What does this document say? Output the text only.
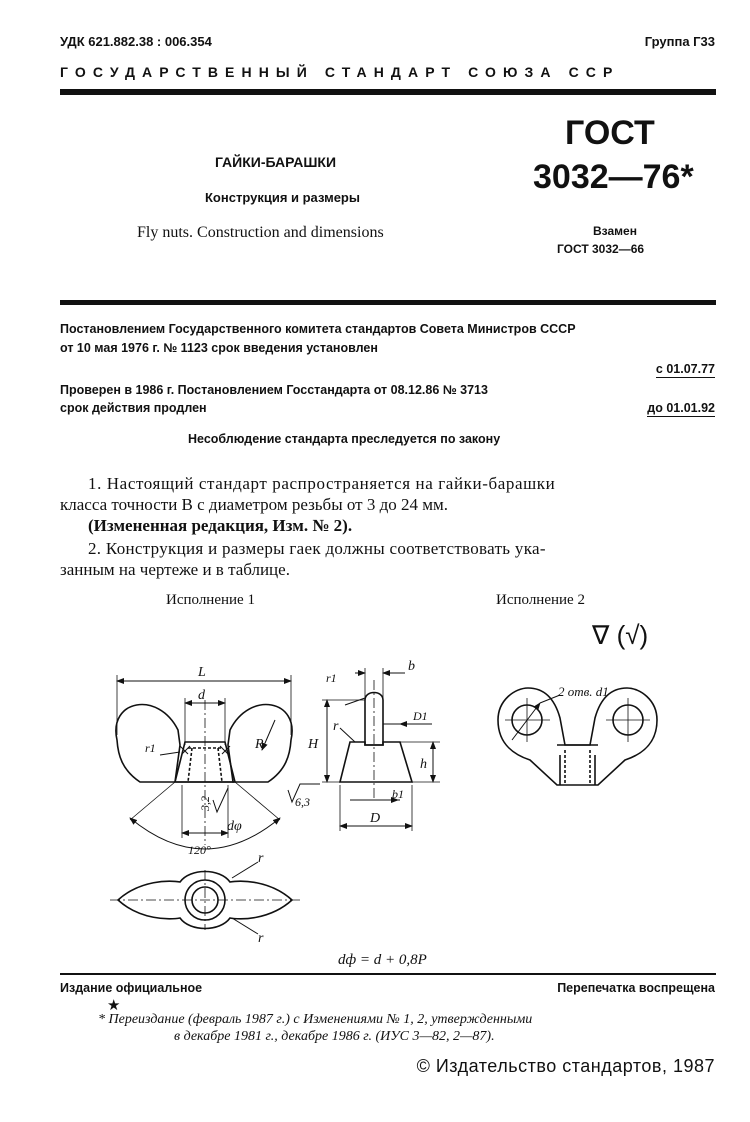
УДК 621.882.38 : 006.354	Группа Г33
ГОСУДАРСТВЕННЫЙ СТАНДАРТ СОЮЗА ССР
ГАЙКИ-БАРАШКИ
Конструкция и размеры
Fly nuts. Construction and dimensions
ГОСТ
3032—76*
Взамен
ГОСТ 3032—66
Постановлением Государственного комитета стандартов Совета Министров СССР
от 10 мая 1976 г. № 1123 срок введения установлен
с 01.07.77
Проверен в 1986 г. Постановлением Госстандарта от 08.12.86 № 3713
срок действия продлен	до 01.01.92
Несоблюдение стандарта преследуется по закону
1. Настоящий стандарт распространяется на гайки-барашки
класса точности В с диаметром резьбы от 3 до 24 мм.
(Измененная редакция, Изм. № 2).
2. Конструкция и размеры гаек должны соответствовать ука-
занным на чертеже и в таблице.
Исполнение 1	Исполнение 2
∇ (√)
L
d
R
r1	H
b
D1
r1
r
h
b1
D
3,2	6,3
dφ
120°
r
r
2 отв. d1
dф = d + 0,8P
Издание официальное	Перепечатка воспрещена
★
* Переиздание (февраль 1987 г.) с Изменениями № 1, 2, утвержденными
в декабре 1981 г., декабре 1986 г. (ИУС 3—82, 2—87).
© Издательство стандартов, 1987
